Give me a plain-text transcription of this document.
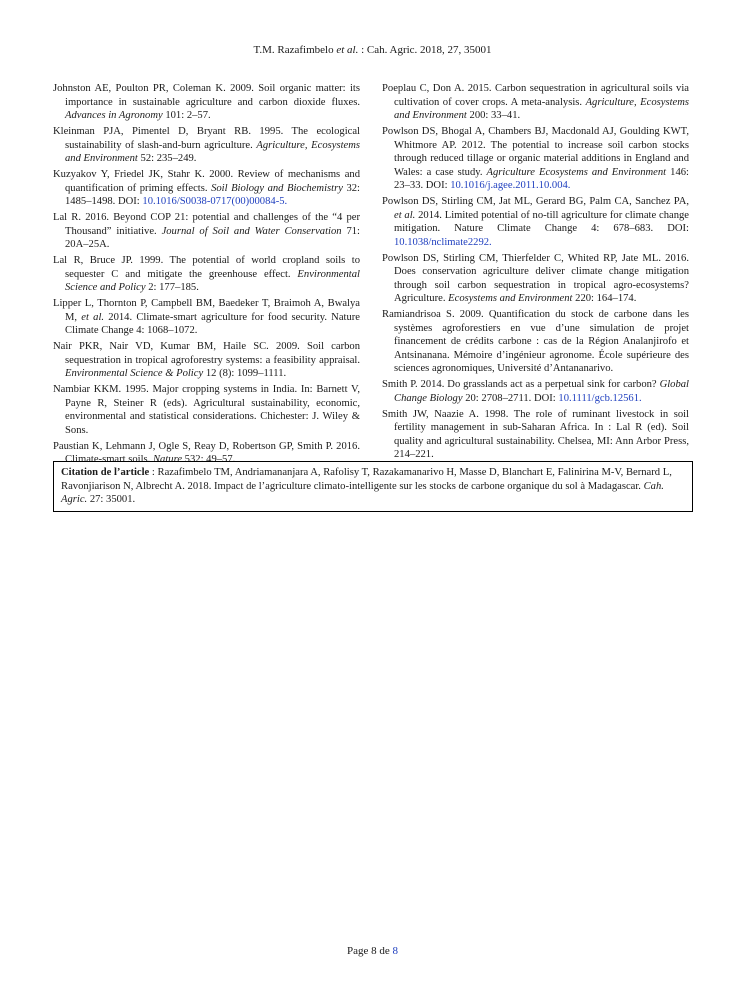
T.M. Razafimbelo et al. : Cah. Agric. 2018, 27, 35001

Johnston AE, Poulton PR, Coleman K. 2009. Soil organic matter: its importance in sustainable agriculture and carbon dioxide fluxes. Advances in Agronomy 101: 2–57.

Kleinman PJA, Pimentel D, Bryant RB. 1995. The ecological sustainability of slash-and-burn agriculture. Agriculture, Ecosystems and Environment 52: 235–249.

Kuzyakov Y, Friedel JK, Stahr K. 2000. Review of mechanisms and quantification of priming effects. Soil Biology and Biochemistry 32: 1485–1498. DOI: 10.1016/S0038-0717(00)00084-5.

Lal R. 2016. Beyond COP 21: potential and challenges of the “4 per Thousand” initiative. Journal of Soil and Water Conservation 71: 20A–25A.

Lal R, Bruce JP. 1999. The potential of world cropland soils to sequester C and mitigate the greenhouse effect. Environmental Science and Policy 2: 177–185.

Lipper L, Thornton P, Campbell BM, Baedeker T, Braimoh A, Bwalya M, et al. 2014. Climate-smart agriculture for food security. Nature Climate Change 4: 1068–1072.

Nair PKR, Nair VD, Kumar BM, Haile SC. 2009. Soil carbon sequestration in tropical agroforestry systems: a feasibility appraisal. Environmental Science & Policy 12 (8): 1099–1111.

Nambiar KKM. 1995. Major cropping systems in India. In: Barnett V, Payne R, Steiner R (eds). Agricultural sustainability, economic, environmental and statistical considerations. Chichester: J. Wiley & Sons.

Paustian K, Lehmann J, Ogle S, Reay D, Robertson GP, Smith P. 2016. Climate-smart soils. Nature 532: 49–57.

Poeplau C, Don A. 2015. Carbon sequestration in agricultural soils via cultivation of cover crops. A meta-analysis. Agriculture, Ecosystems and Environment 200: 33–41.

Powlson DS, Bhogal A, Chambers BJ, Macdonald AJ, Goulding KWT, Whitmore AP. 2012. The potential to increase soil carbon stocks through reduced tillage or organic material additions in England and Wales: a case study. Agriculture Ecosystems and Environment 146: 23–33. DOI: 10.1016/j.agee.2011.10.004.

Powlson DS, Stirling CM, Jat ML, Gerard BG, Palm CA, Sanchez PA, et al. 2014. Limited potential of no-till agriculture for climate change mitigation. Nature Climate Change 4: 678–683. DOI: 10.1038/nclimate2292.

Powlson DS, Stirling CM, Thierfelder C, Whited RP, Jate ML. 2016. Does conservation agriculture deliver climate change mitigation through soil carbon sequestration in tropical agro-ecosystems? Agriculture. Ecosystems and Environment 220: 164–174.

Ramiandrisoa S. 2009. Quantification du stock de carbone dans les systèmes agroforestiers en vue d’une simulation de projet financement de crédits carbone : cas de la Région Analanjirofo et Antsinanana. Mémoire d’ingénieur agronome. École supérieure des sciences agronomiques, Université d’Antananarivo.

Smith P. 2014. Do grasslands act as a perpetual sink for carbon? Global Change Biology 20: 2708–2711. DOI: 10.1111/gcb.12561.

Smith JW, Naazie A. 1998. The role of ruminant livestock in soil fertility management in sub-Saharan Africa. In : Lal R (ed). Soil quality and agricultural sustainability. Chelsea, MI: Ann Arbor Press, 214–221.

Citation de l’article : Razafimbelo TM, Andriamananjara A, Rafolisy T, Razakamanarivo H, Masse D, Blanchart E, Falinirina M-V, Bernard L, Ravonjiarison N, Albrecht A. 2018. Impact de l’agriculture climato-intelligente sur les stocks de carbone organique du sol à Madagascar. Cah. Agric. 27: 35001.
Page 8 de 8
